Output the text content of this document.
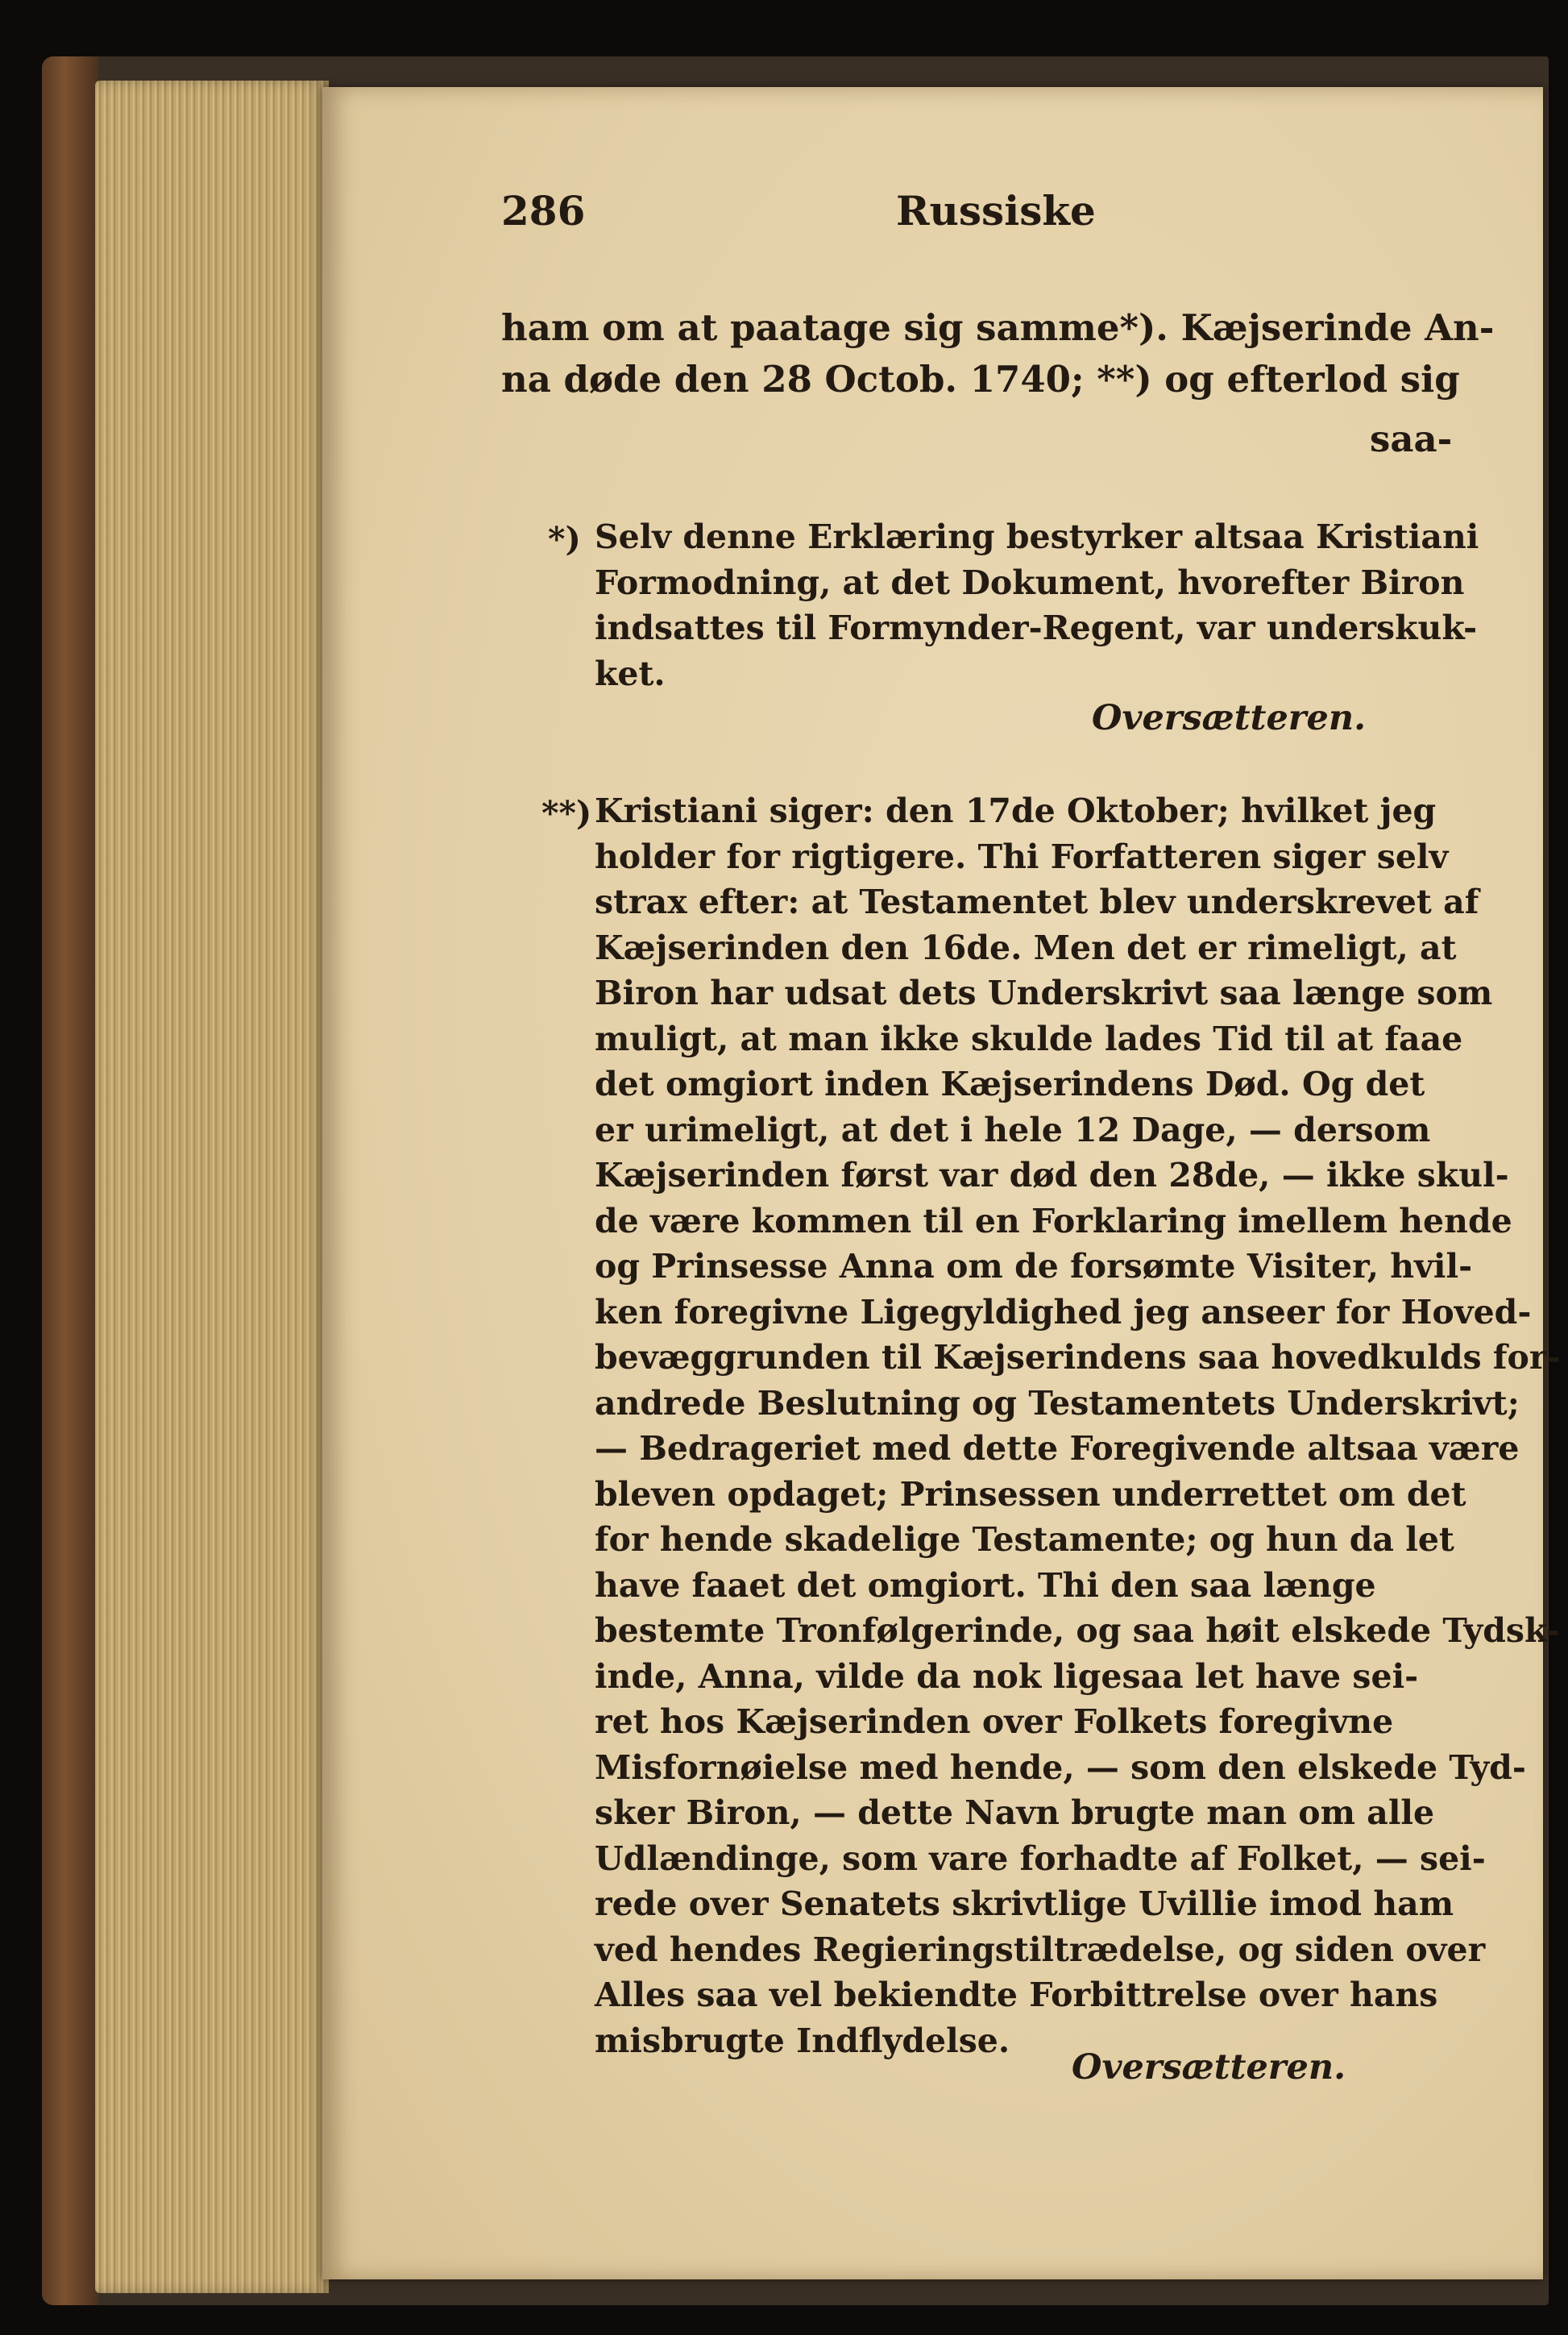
286	Russiske
ham om at paatage sig samme*). Kæjserinde An-
na døde den 28 Octob. 1740; **) og efterlod sig
saa-
*) Selv denne Erklæring bestyrker altsaa Kristiani
Formodning, at det Dokument, hvorefter Biron
indsattes til Formynder-Regent, var underskuk-
ket.
Oversætteren.
**) Kristiani siger: den 17de Oktober; hvilket jeg
holder for rigtigere. Thi Forfatteren siger selv
strax efter: at Testamentet blev underskrevet af
Kæjserinden den 16de. Men det er rimeligt, at
Biron har udsat dets Underskrivt saa længe som
muligt, at man ikke skulde lades Tid til at faae
det omgiort inden Kæjserindens Død. Og det
er urimeligt, at det i hele 12 Dage, — dersom
Kæjserinden først var død den 28de, — ikke skul-
de være kommen til en Forklaring imellem hende
og Prinsesse Anna om de forsømte Visiter, hvil-
ken foregivne Ligegyldighed jeg anseer for Hoved-
bevæggrunden til Kæjserindens saa hovedkulds for-
andrede Beslutning og Testamentets Underskrivt;
— Bedrageriet med dette Foregivende altsaa være
bleven opdaget; Prinsessen underrettet om det
for hende skadelige Testamente; og hun da let
have faaet det omgiort. Thi den saa længe
bestemte Tronfølgerinde, og saa høit elskede Tydsk-
inde, Anna, vilde da nok ligesaa let have sei-
ret hos Kæjserinden over Folkets foregivne
Misfornøielse med hende, — som den elskede Tyd-
sker Biron, — dette Navn brugte man om alle
Udlændinge, som vare forhadte af Folket, — sei-
rede over Senatets skrivtlige Uvillie imod ham
ved hendes Regieringstiltrædelse, og siden over
Alles saa vel bekiendte Forbittrelse over hans
misbrugte Indflydelse.
Oversætteren.
